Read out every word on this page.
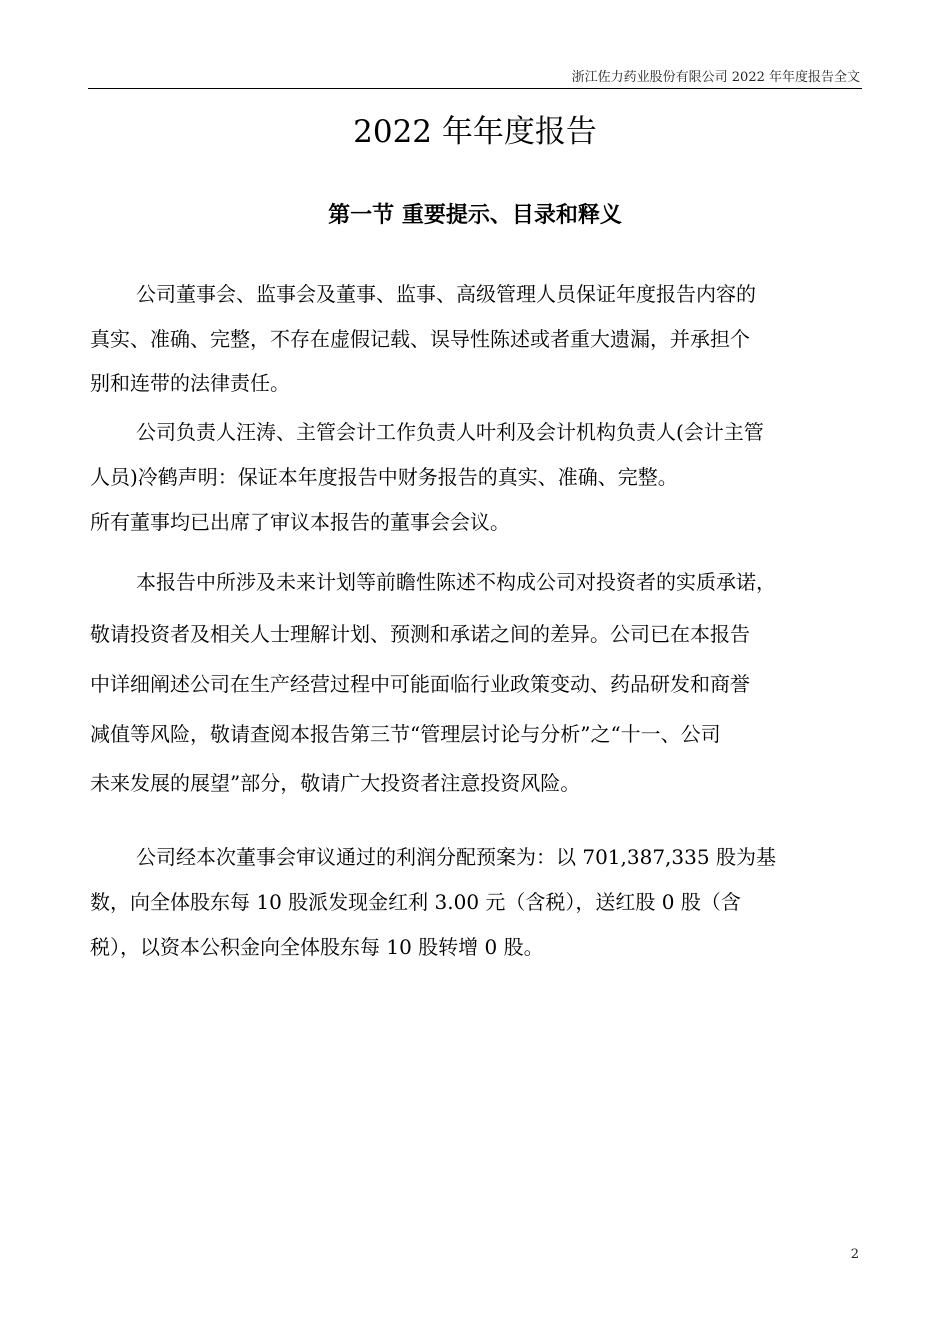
浙江佐力药业股份有限公司 2022 年年度报告全文
2022 年年度报告
第一节 重要提示、目录和释义
公司董事会、监事会及董事、监事、高级管理人员保证年度报告内容的
真实、准确、完整，不存在虚假记载、误导性陈述或者重大遗漏，并承担个
别和连带的法律责任。
公司负责人汪涛、主管会计工作负责人叶利及会计机构负责人(会计主管
人员)冷鹤声明：保证本年度报告中财务报告的真实、准确、完整。
所有董事均已出席了审议本报告的董事会会议。
本报告中所涉及未来计划等前瞻性陈述不构成公司对投资者的实质承诺，
敬请投资者及相关人士理解计划、预测和承诺之间的差异。公司已在本报告
中详细阐述公司在生产经营过程中可能面临行业政策变动、药品研发和商誉
减值等风险，敬请查阅本报告第三节“管理层讨论与分析”之“十一、公司
未来发展的展望”部分，敬请广大投资者注意投资风险。
公司经本次董事会审议通过的利润分配预案为：以 701,387,335 股为基
数，向全体股东每 10 股派发现金红利 3.00 元（含税），送红股 0 股（含
税），以资本公积金向全体股东每 10 股转增 0 股。
2
